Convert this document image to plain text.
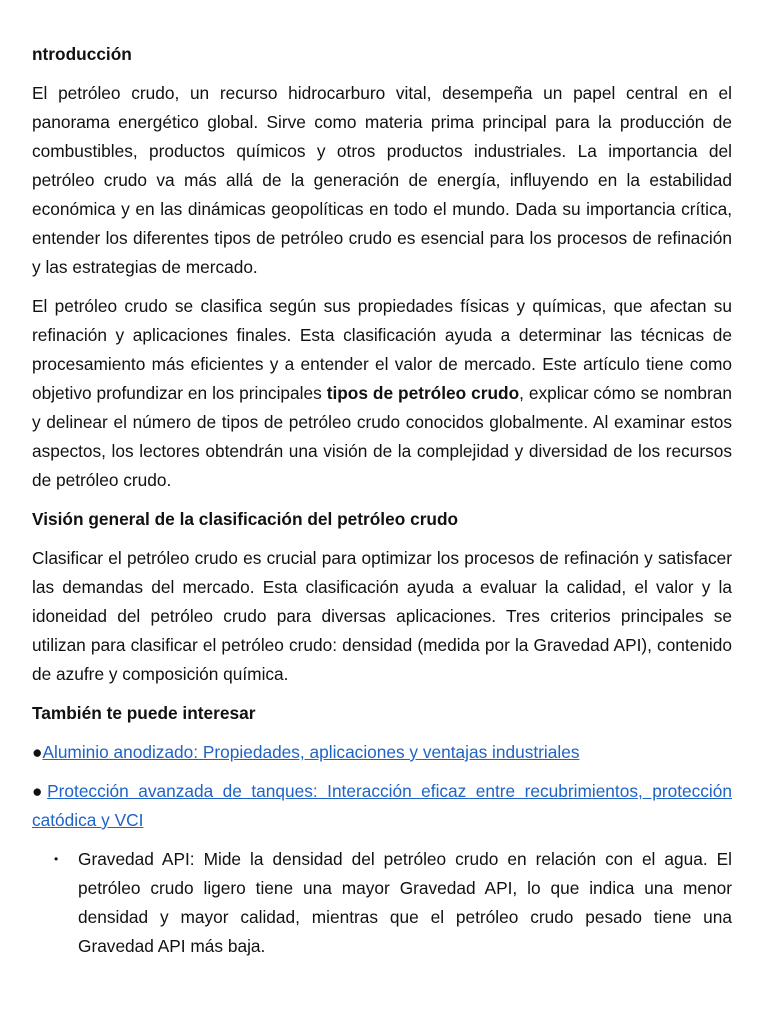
ntroducción

El petróleo crudo, un recurso hidrocarburo vital, desempeña un papel central en el panorama energético global. Sirve como materia prima principal para la producción de combustibles, productos químicos y otros productos industriales. La importancia del petróleo crudo va más allá de la generación de energía, influyendo en la estabilidad económica y en las dinámicas geopolíticas en todo el mundo. Dada su importancia crítica, entender los diferentes tipos de petróleo crudo es esencial para los procesos de refinación y las estrategias de mercado.

El petróleo crudo se clasifica según sus propiedades físicas y químicas, que afectan su refinación y aplicaciones finales. Esta clasificación ayuda a determinar las técnicas de procesamiento más eficientes y a entender el valor de mercado. Este artículo tiene como objetivo profundizar en los principales tipos de petróleo crudo, explicar cómo se nombran y delinear el número de tipos de petróleo crudo conocidos globalmente. Al examinar estos aspectos, los lectores obtendrán una visión de la complejidad y diversidad de los recursos de petróleo crudo.

Visión general de la clasificación del petróleo crudo

Clasificar el petróleo crudo es crucial para optimizar los procesos de refinación y satisfacer las demandas del mercado. Esta clasificación ayuda a evaluar la calidad, el valor y la idoneidad del petróleo crudo para diversas aplicaciones. Tres criterios principales se utilizan para clasificar el petróleo crudo: densidad (medida por la Gravedad API), contenido de azufre y composición química.

También te puede interesar
●Aluminio anodizado: Propiedades, aplicaciones y ventajas industriales
●Protección avanzada de tanques: Interacción eficaz entre recubrimientos, protección catódica y VCI
• Gravedad API: Mide la densidad del petróleo crudo en relación con el agua. El petróleo crudo ligero tiene una mayor Gravedad API, lo que indica una menor densidad y mayor calidad, mientras que el petróleo crudo pesado tiene una Gravedad API más baja.
